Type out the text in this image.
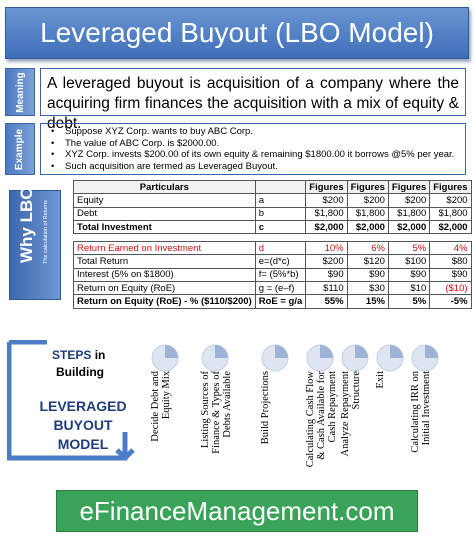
Leveraged Buyout (LBO Model)
Meaning	A leveraged buyout is acquisition of a company where the acquiring firm finances the acquisition with a mix of equity & debt.
Example	• Suppose XYZ Corp. wants to buy ABC Corp.
• The value of ABC Corp. is $2000.00.
• XYZ Corp. invests $200.00 of its own equity & remaining $1800.00 it borrows @5% per year.
• Such acquisition are termed as Leveraged Buyout.
Why LBO? The calculation of Returns
Particulars		Figures	Figures	Figures	Figures
Equity	a	$200	$200	$200	$200
Debt	b	$1,800	$1,800	$1,800	$1,800
Total Investment	c	$2,000	$2,000	$2,000	$2,000

Return Earned on Investment	d	10%	6%	5%	4%
Total Return	e=(d*c)	$200	$120	$100	$80
Interest (5% on $1800)	f= (5%*b)	$90	$90	$90	$90
Return on Equity (RoE)	g = (e–f)	$110	$30	$10	($10)
Return on Equity (RoE) - % ($110/$200)	RoE = g/a	55%	15%	5%	-5%
STEPS in
Building
LEVERAGED
BUYOUT
MODEL
Decide Debt and Equity Mix	Listing Sources of Finance & Types of Debts Available	Build Projections	Calculating Cash Flow & Cash Available for Cash Repayment Analyze Repayment Structure Exit Calculating IRR on Initial Investment
eFinanceManagement.com
